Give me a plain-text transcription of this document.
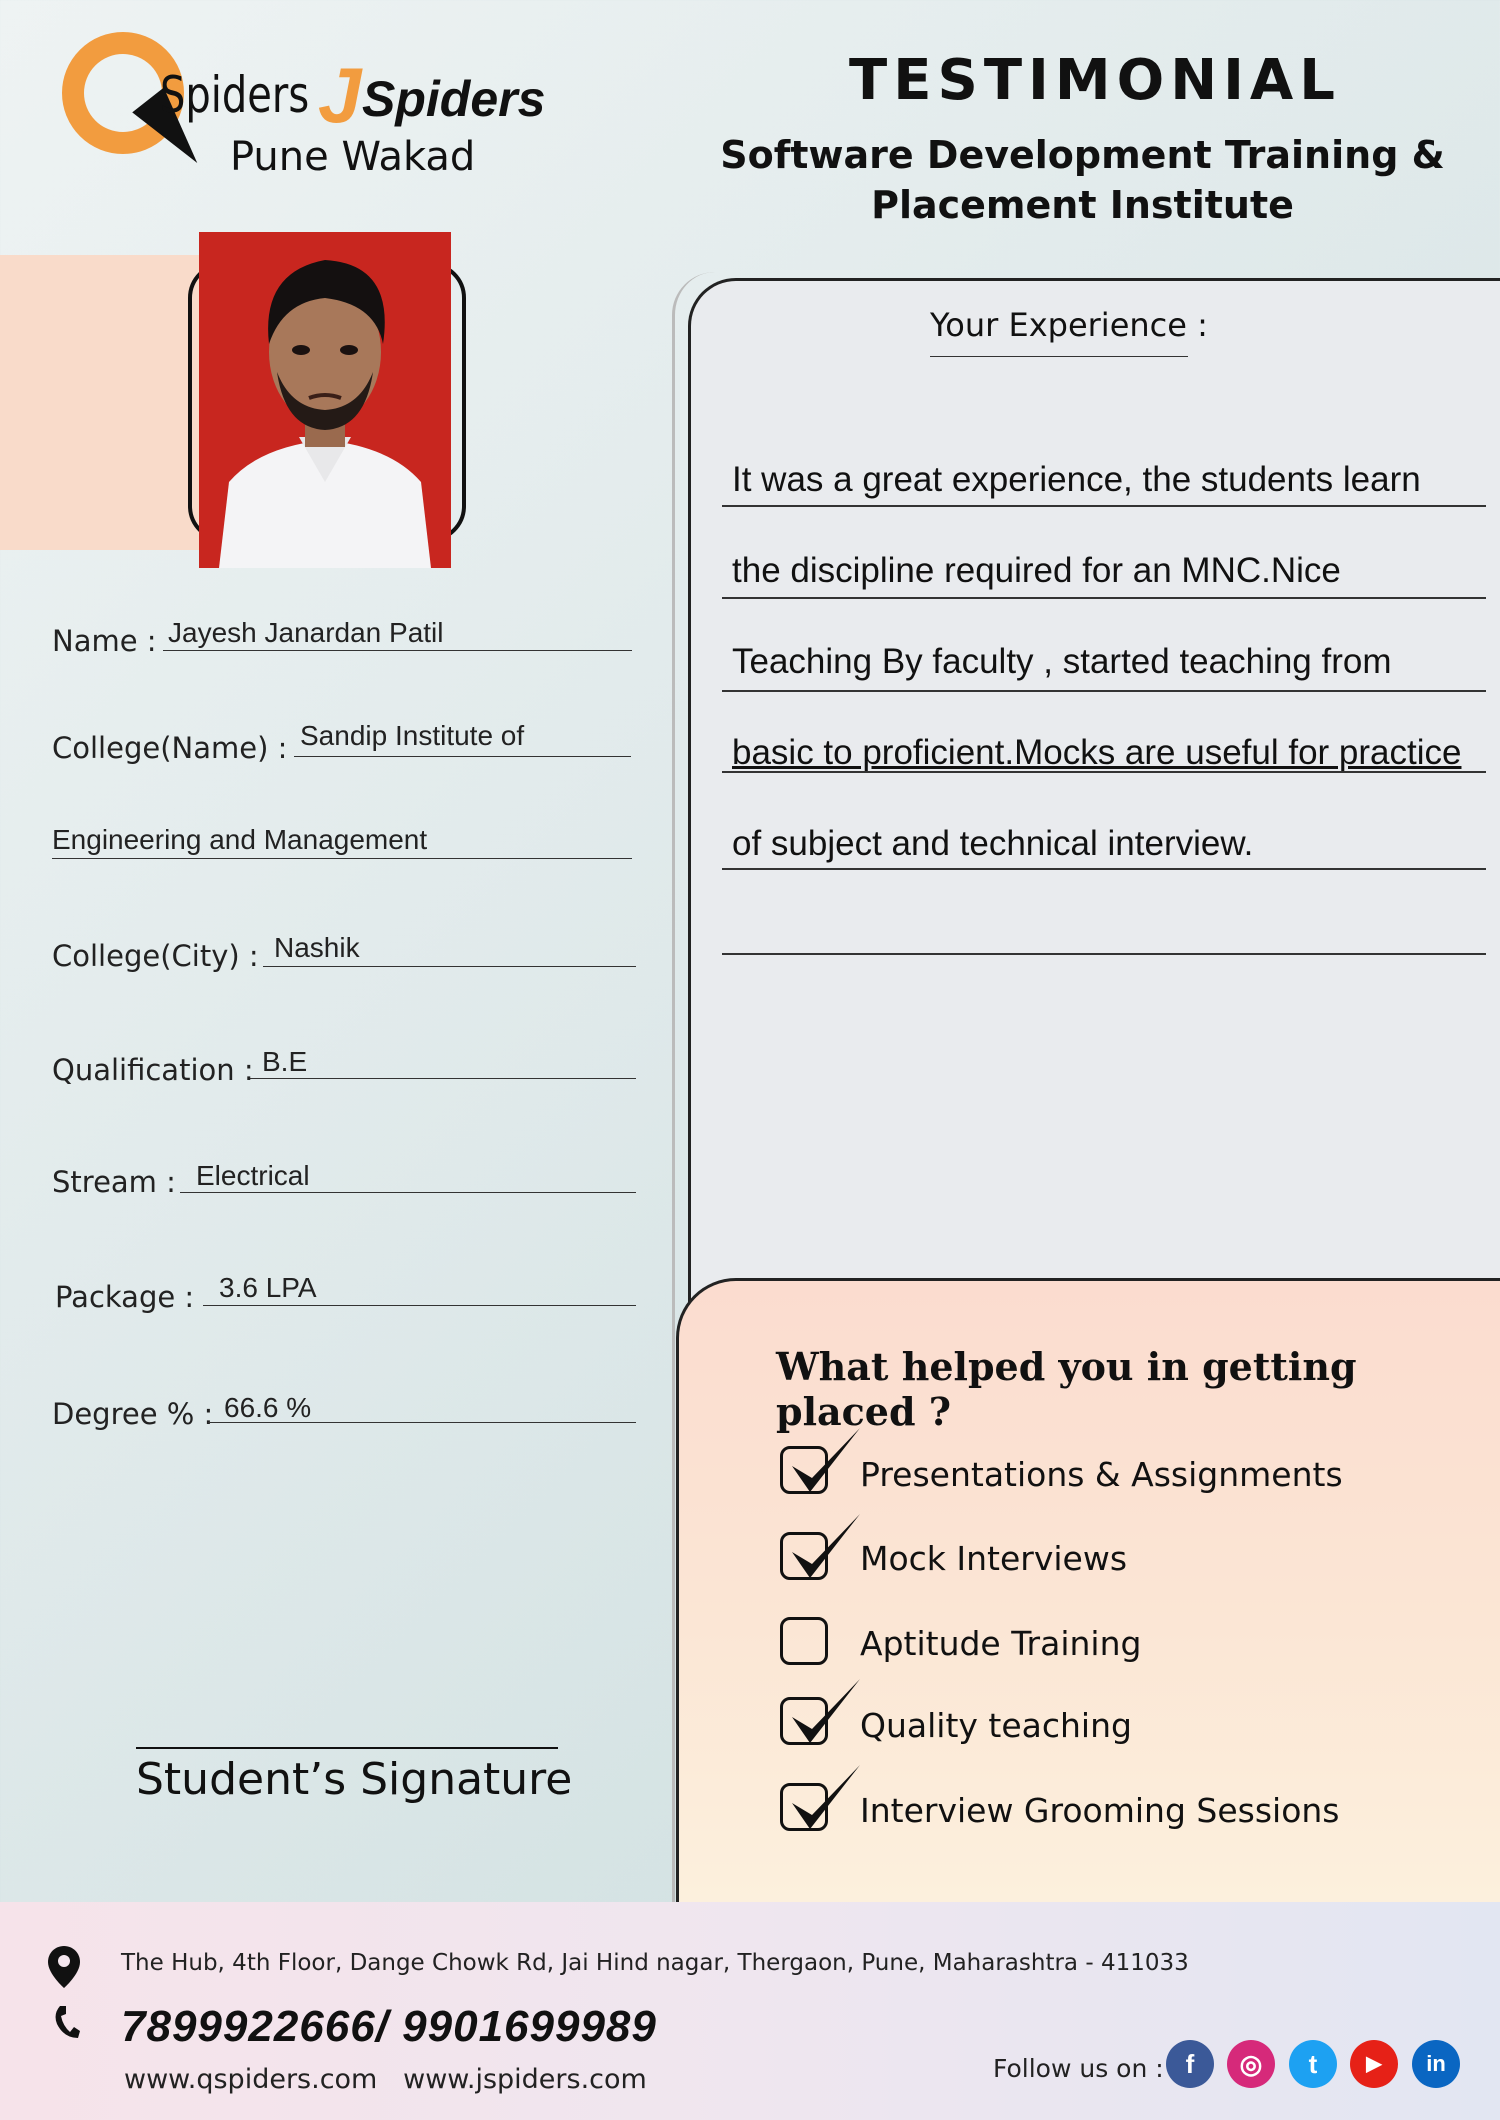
Spiders J Spiders
Pune Wakad
TESTIMONIAL
Software Development Training &
Placement Institute
Name : Jayesh Janardan Patil
College(Name) : Sandip Institute of
Engineering and Management
College(City) : Nashik
Qualification : B.E
Stream : Electrical
Package : 3.6 LPA
Degree % : 66.6 %
Student’s Signature
Your Experience :
It was a great experience, the students learn
the discipline required for an MNC.Nice
Teaching By faculty , started teaching from
basic to proficient.Mocks are useful for practice
of subject and technical interview.
What helped you in getting placed ?
Presentations & Assignments
Mock Interviews
Aptitude Training
Quality teaching
Interview Grooming Sessions
The Hub, 4th Floor, Dange Chowk Rd, Jai Hind nagar, Thergaon, Pune, Maharashtra - 411033
7899922666/ 9901699989
www.qspiders.com   www.jspiders.com	Follow us on : f	◎	t	▶	in
